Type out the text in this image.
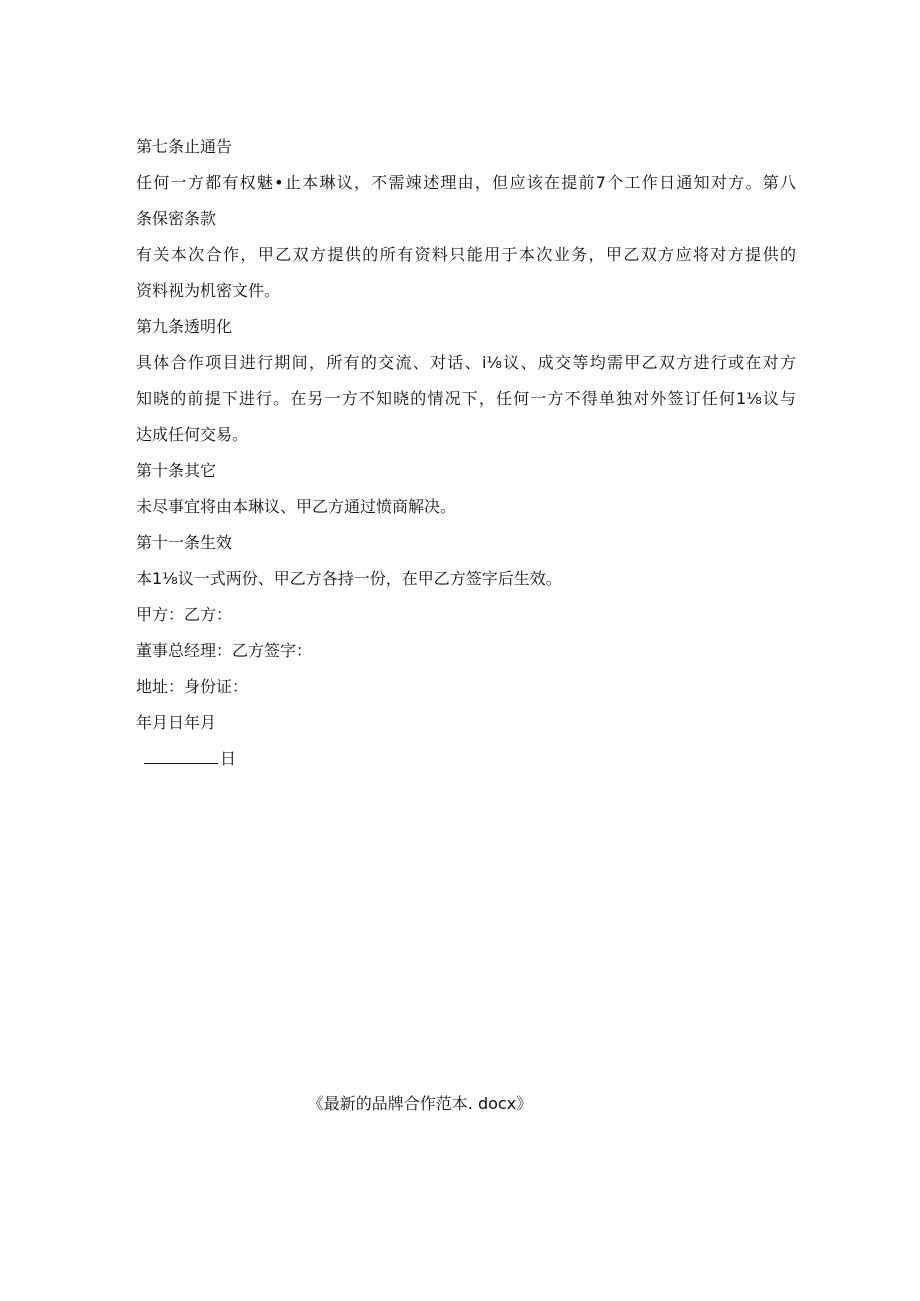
第七条止通告
任何一方都有权魅•止本琳议，不需竦述理由，但应该在提前7个工作日通知对方。第八
条保密条款
有关本次合作，甲乙双方提供的所有资料只能用于本次业务，甲乙双方应将对方提供的
资料视为机密文件。
第九条透明化
具体合作项目进行期间，所有的交流、对话、i⅛议、成交等均需甲乙双方进行或在对方
知晓的前提下进行。在另一方不知晓的情况下，任何一方不得单独对外签订任何1⅛议与
达成任何交易。
第十条其它
未尽事宜将由本琳议、甲乙方通过愤商解决。
第十一条生效
本1⅛议一式两份、甲乙方各持一份，在甲乙方签字后生效。
甲方：乙方：
董事总经理：乙方签字：
地址：身份证：
年月日年月
日
《最新的品牌合作范本. docx》
